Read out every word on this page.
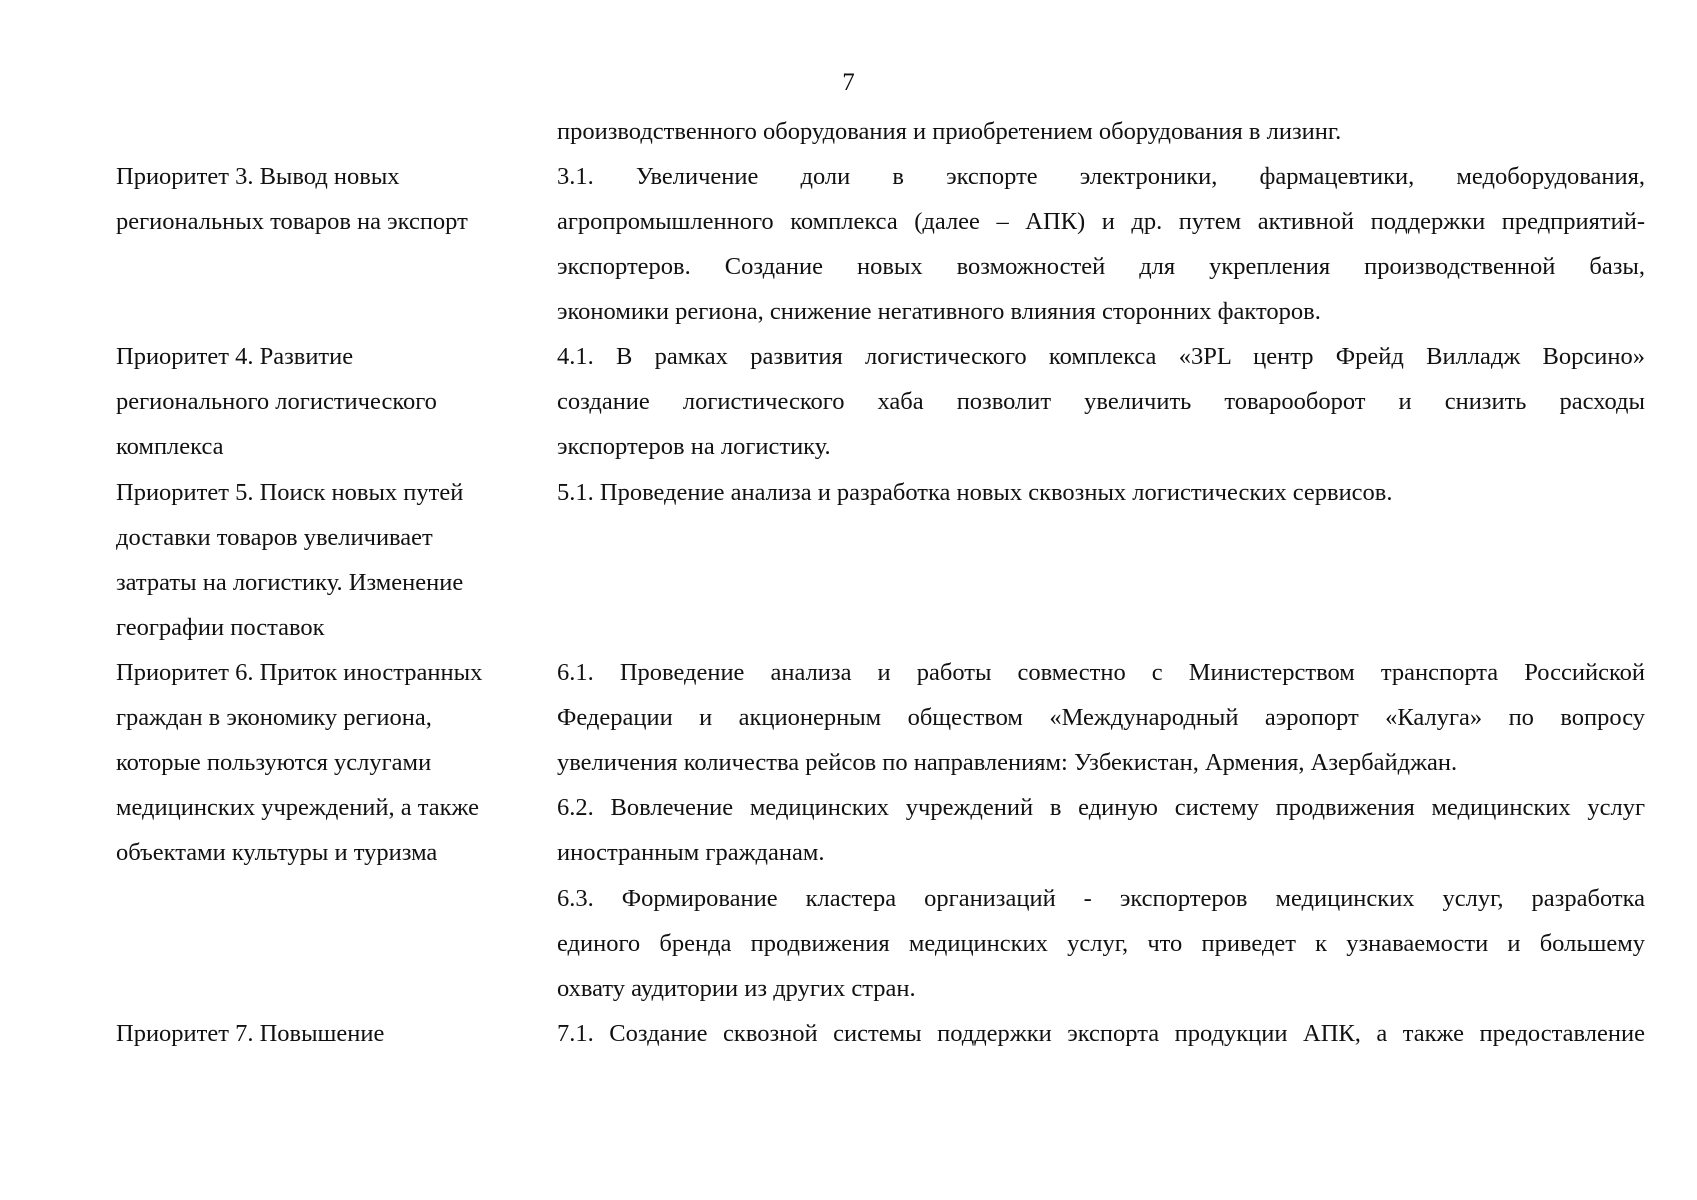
7
производственного оборудования и приобретением оборудования в лизинг.
Приоритет 3. Вывод новых
региональных товаров на экспорт
3.1. Увеличение доли в экспорте электроники, фармацевтики, медоборудования,
агропромышленного комплекса (далее – АПК) и др. путем активной поддержки предприятий-
экспортеров. Создание новых возможностей для укрепления производственной базы,
экономики региона, снижение негативного влияния сторонних факторов.
Приоритет 4. Развитие
регионального логистического
комплекса
4.1. В рамках развития логистического комплекса «3PL центр Фрейд Вилладж Ворсино»
создание логистического хаба позволит увеличить товарооборот и снизить расходы
экспортеров на логистику.
Приоритет 5. Поиск новых путей
доставки товаров увеличивает
затраты на логистику. Изменение
географии поставок
5.1. Проведение анализа и разработка новых сквозных логистических сервисов.
Приоритет 6. Приток иностранных
граждан в экономику региона,
которые пользуются услугами
медицинских учреждений, а также
объектами культуры и туризма
6.1. Проведение анализа и работы совместно с Министерством транспорта Российской
Федерации и акционерным обществом «Международный аэропорт «Калуга» по вопросу
увеличения количества рейсов по направлениям: Узбекистан, Армения, Азербайджан.
6.2. Вовлечение медицинских учреждений в единую систему продвижения медицинских услуг
иностранным гражданам.
6.3. Формирование кластера организаций - экспортеров медицинских услуг, разработка
единого бренда продвижения медицинских услуг, что приведет к узнаваемости и большему
охвату аудитории из других стран.
Приоритет 7. Повышение	7.1. Создание сквозной системы поддержки экспорта продукции АПК, а также предоставление
